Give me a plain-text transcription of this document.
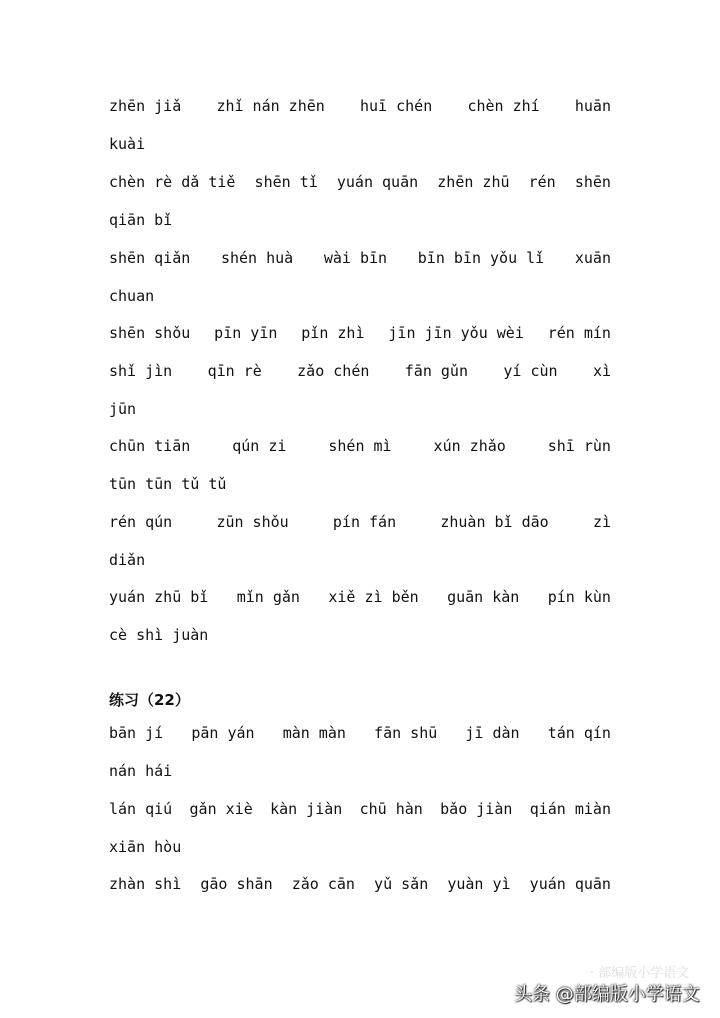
zhēn jiǎ zhǐ nán zhēn huī chén chèn zhí huān
kuài
chèn rè dǎ tiě shēn tǐ yuán quān zhēn zhū rén shēn
qiān bǐ
shēn qiǎn shén huà wài bīn bīn bīn yǒu lǐ xuān
chuan
shēn shǒu pīn yīn pǐn zhì jīn jīn yǒu wèi rén mín
shǐ jìn qīn rè zǎo chén fān gǔn yí cùn xì
jūn
chūn tiān	qún zi	shén mì	xún zhǎo	shī rùn
tūn tūn tǔ tǔ
rén qún	zūn shǒu	pín fán	zhuàn bǐ dāo	zì
diǎn
yuán zhū bǐ mǐn gǎn xiě zì běn guān kàn pín kùn
cè shì juàn
练习（22）
bān jí pān yán màn màn fān shū jī dàn tán qín
nán hái
lán qiú gǎn xiè kàn jiàn chū hàn bǎo jiàn qián miàn
xiān hòu
zhàn shì gāo shān zǎo cān yǔ sǎn yuàn yì yuán quān
· 部编版小学语文
头条 @部编版小学语文
